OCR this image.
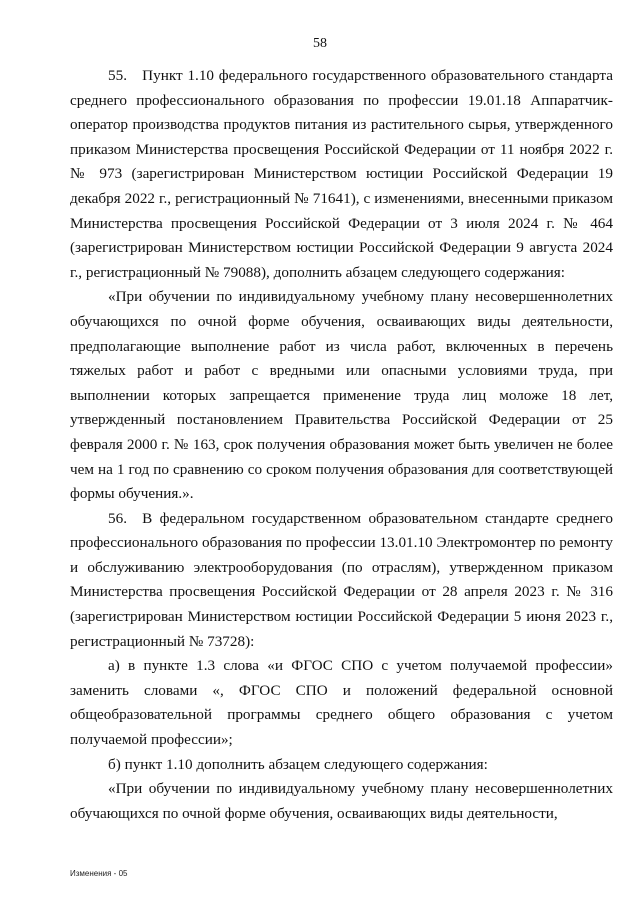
58

55. Пункт 1.10 федерального государственного образовательного стандарта среднего профессионального образования по профессии 19.01.18 Аппаратчик-оператор производства продуктов питания из растительного сырья, утвержденного приказом Министерства просвещения Российской Федерации от 11 ноября 2022 г. № 973 (зарегистрирован Министерством юстиции Российской Федерации 19 декабря 2022 г., регистрационный № 71641), с изменениями, внесенными приказом Министерства просвещения Российской Федерации от 3 июля 2024 г. № 464 (зарегистрирован Министерством юстиции Российской Федерации 9 августа 2024 г., регистрационный № 79088), дополнить абзацем следующего содержания:

«При обучении по индивидуальному учебному плану несовершеннолетних обучающихся по очной форме обучения, осваивающих виды деятельности, предполагающие выполнение работ из числа работ, включенных в перечень тяжелых работ и работ с вредными или опасными условиями труда, при выполнении которых запрещается применение труда лиц моложе 18 лет, утвержденный постановлением Правительства Российской Федерации от 25 февраля 2000 г. № 163, срок получения образования может быть увеличен не более чем на 1 год по сравнению со сроком получения образования для соответствующей формы обучения.».

56. В федеральном государственном образовательном стандарте среднего профессионального образования по профессии 13.01.10 Электромонтер по ремонту и обслуживанию электрооборудования (по отраслям), утвержденном приказом Министерства просвещения Российской Федерации от 28 апреля 2023 г. № 316 (зарегистрирован Министерством юстиции Российской Федерации 5 июня 2023 г., регистрационный № 73728):

а) в пункте 1.3 слова «и ФГОС СПО с учетом получаемой профессии» заменить словами «, ФГОС СПО и положений федеральной основной общеобразовательной программы среднего общего образования с учетом получаемой профессии»;

б) пункт 1.10 дополнить абзацем следующего содержания:

«При обучении по индивидуальному учебному плану несовершеннолетних обучающихся по очной форме обучения, осваивающих виды деятельности,

Изменения - 05
